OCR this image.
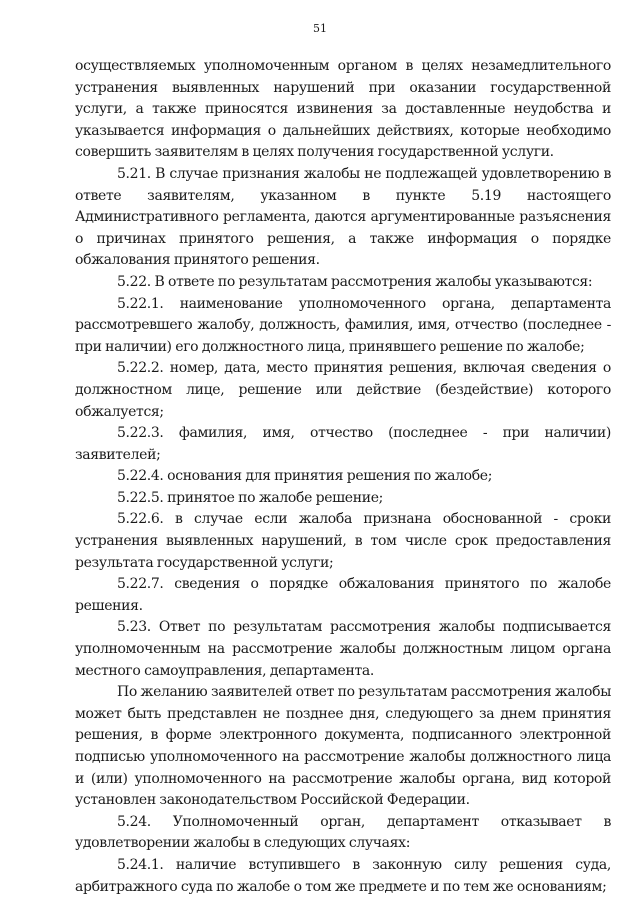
51

осуществляемых уполномоченным органом в целях незамедлительного устранения выявленных нарушений при оказании государственной услуги, а также приносятся извинения за доставленные неудобства и указывается информация о дальнейших действиях, которые необходимо совершить заявителям в целях получения государственной услуги.

5.21. В случае признания жалобы не подлежащей удовлетворению в ответе заявителям, указанном в пункте 5.19 настоящего Административного регламента, даются аргументированные разъяснения о причинах принятого решения, а также информация о порядке обжалования принятого решения.

5.22. В ответе по результатам рассмотрения жалобы указываются:

5.22.1. наименование уполномоченного органа, департамента рассмотревшего жалобу, должность, фамилия, имя, отчество (последнее - при наличии) его должностного лица, принявшего решение по жалобе;

5.22.2. номер, дата, место принятия решения, включая сведения о должностном лице, решение или действие (бездействие) которого обжалуется;

5.22.3. фамилия, имя, отчество (последнее - при наличии) заявителей;

5.22.4. основания для принятия решения по жалобе;

5.22.5. принятое по жалобе решение;

5.22.6. в случае если жалоба признана обоснованной - сроки устранения выявленных нарушений, в том числе срок предоставления результата государственной услуги;

5.22.7. сведения о порядке обжалования принятого по жалобе решения.

5.23. Ответ по результатам рассмотрения жалобы подписывается уполномоченным на рассмотрение жалобы должностным лицом органа местного самоуправления, департамента.

По желанию заявителей ответ по результатам рассмотрения жалобы может быть представлен не позднее дня, следующего за днем принятия решения, в форме электронного документа, подписанного электронной подписью уполномоченного на рассмотрение жалобы должностного лица и (или) уполномоченного на рассмотрение жалобы органа, вид которой установлен законодательством Российской Федерации.

5.24. Уполномоченный орган, департамент отказывает в удовлетворении жалобы в следующих случаях:

5.24.1. наличие вступившего в законную силу решения суда, арбитражного суда по жалобе о том же предмете и по тем же основаниям;
